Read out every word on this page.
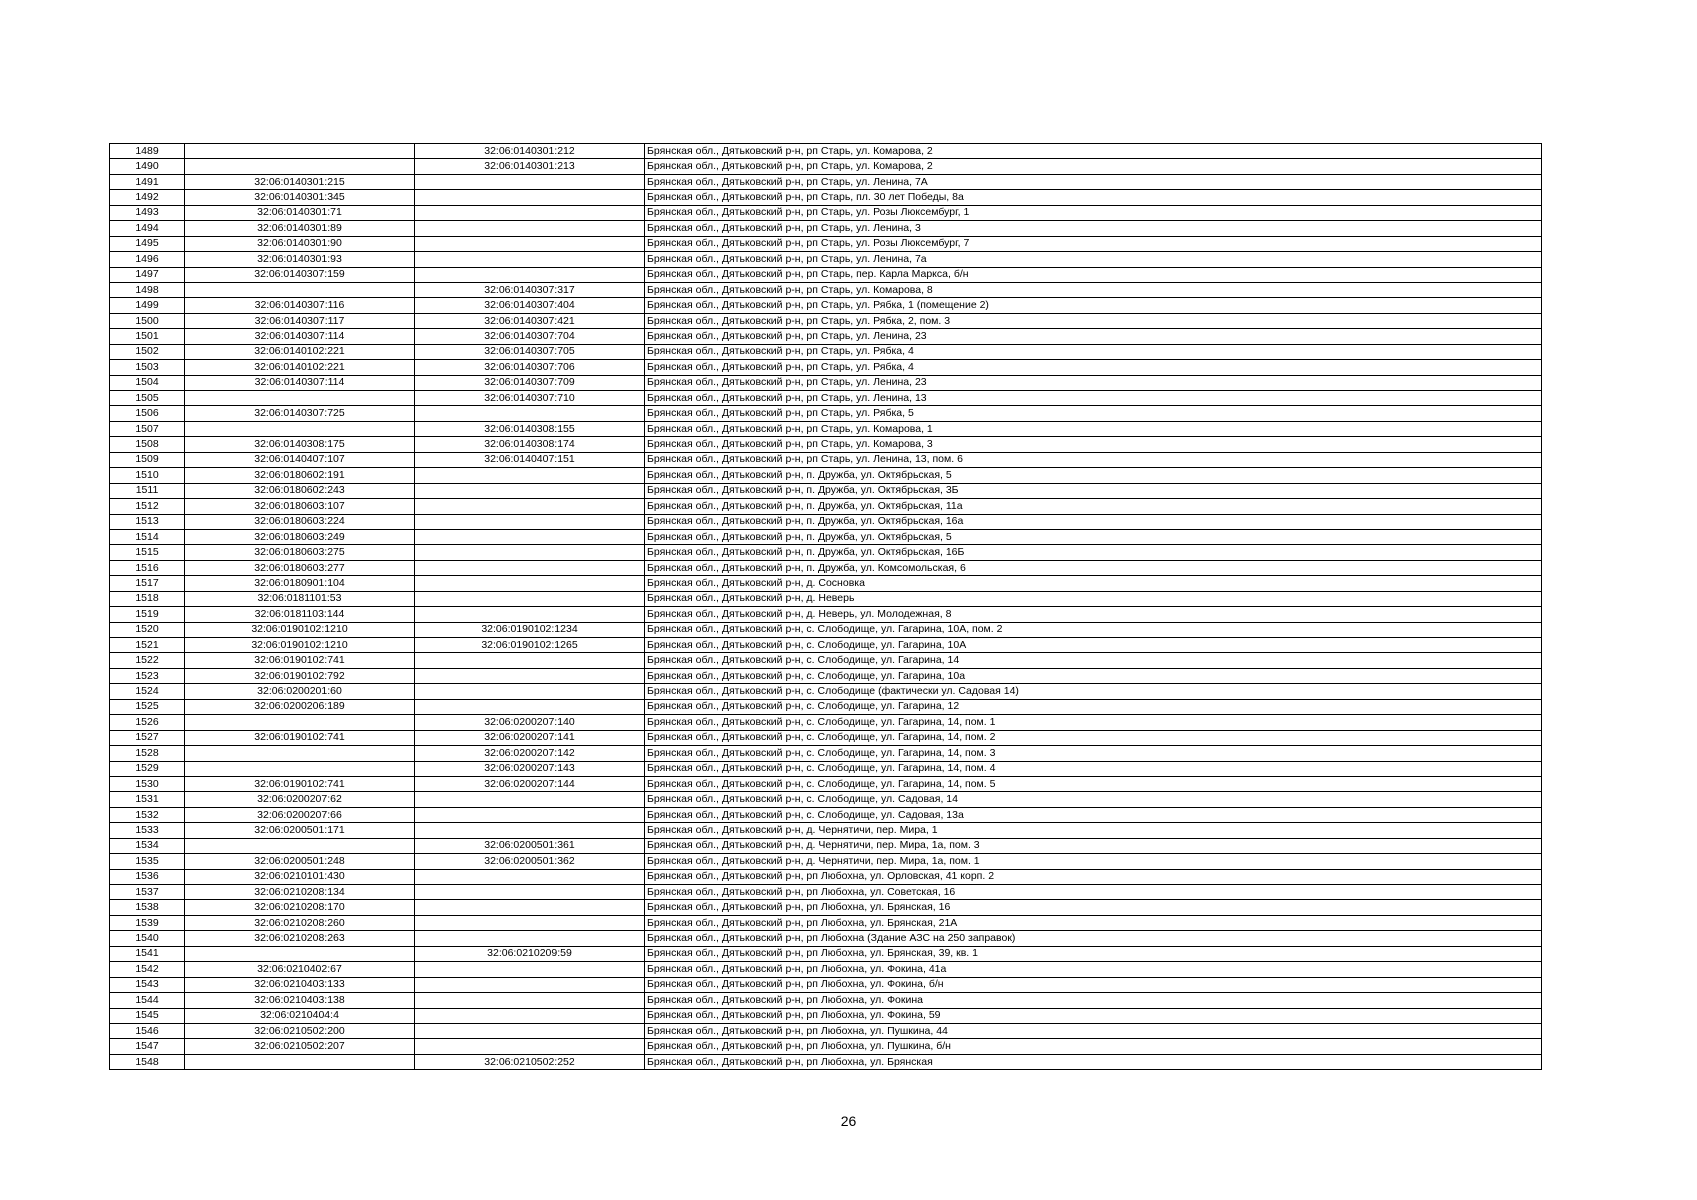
1489		32:06:0140301:212	Брянская обл., Дятьковский р-н, рп Старь, ул. Комарова, 2
1490		32:06:0140301:213	Брянская обл., Дятьковский р-н, рп Старь, ул. Комарова, 2
1491	32:06:0140301:215		Брянская обл., Дятьковский р-н, рп Старь, ул. Ленина, 7А
1492	32:06:0140301:345		Брянская обл., Дятьковский р-н, рп Старь, пл. 30 лет Победы, 8а
1493	32:06:0140301:71		Брянская обл., Дятьковский р-н, рп Старь, ул. Розы Люксембург, 1
1494	32:06:0140301:89		Брянская обл., Дятьковский р-н, рп Старь, ул. Ленина, 3
1495	32:06:0140301:90		Брянская обл., Дятьковский р-н, рп Старь, ул. Розы Люксембург, 7
1496	32:06:0140301:93		Брянская обл., Дятьковский р-н, рп Старь, ул. Ленина, 7а
1497	32:06:0140307:159		Брянская обл., Дятьковский р-н, рп Старь, пер. Карла Маркса, б/н
1498		32:06:0140307:317	Брянская обл., Дятьковский р-н, рп Старь, ул. Комарова, 8
1499	32:06:0140307:116	32:06:0140307:404	Брянская обл., Дятьковский р-н, рп Старь, ул. Рябка, 1 (помещение 2)
1500	32:06:0140307:117	32:06:0140307:421	Брянская обл., Дятьковский р-н, рп Старь, ул. Рябка, 2, пом. 3
1501	32:06:0140307:114	32:06:0140307:704	Брянская обл., Дятьковский р-н, рп Старь, ул. Ленина, 23
1502	32:06:0140102:221	32:06:0140307:705	Брянская обл., Дятьковский р-н, рп Старь, ул. Рябка, 4
1503	32:06:0140102:221	32:06:0140307:706	Брянская обл., Дятьковский р-н, рп Старь, ул. Рябка, 4
1504	32:06:0140307:114	32:06:0140307:709	Брянская обл., Дятьковский р-н, рп Старь, ул. Ленина, 23
1505		32:06:0140307:710	Брянская обл., Дятьковский р-н, рп Старь, ул. Ленина, 13
1506	32:06:0140307:725		Брянская обл., Дятьковский р-н, рп Старь, ул. Рябка, 5
1507		32:06:0140308:155	Брянская обл., Дятьковский р-н, рп Старь, ул. Комарова, 1
1508	32:06:0140308:175	32:06:0140308:174	Брянская обл., Дятьковский р-н, рп Старь, ул. Комарова, 3
1509	32:06:0140407:107	32:06:0140407:151	Брянская обл., Дятьковский р-н, рп Старь, ул. Ленина, 13, пом. 6
1510	32:06:0180602:191		Брянская обл., Дятьковский р-н, п. Дружба, ул. Октябрьская, 5
1511	32:06:0180602:243		Брянская обл., Дятьковский р-н, п. Дружба, ул. Октябрьская, 3Б
1512	32:06:0180603:107		Брянская обл., Дятьковский р-н, п. Дружба, ул. Октябрьская, 11а
1513	32:06:0180603:224		Брянская обл., Дятьковский р-н, п. Дружба, ул. Октябрьская, 16а
1514	32:06:0180603:249		Брянская обл., Дятьковский р-н, п. Дружба, ул. Октябрьская, 5
1515	32:06:0180603:275		Брянская обл., Дятьковский р-н, п. Дружба, ул. Октябрьская, 16Б
1516	32:06:0180603:277		Брянская обл., Дятьковский р-н, п. Дружба, ул. Комсомольская, 6
1517	32:06:0180901:104		Брянская обл., Дятьковский р-н, д. Сосновка
1518	32:06:0181101:53		Брянская обл., Дятьковский р-н, д. Неверь
1519	32:06:0181103:144		Брянская обл., Дятьковский р-н, д. Неверь, ул. Молодежная, 8
1520	32:06:0190102:1210	32:06:0190102:1234	Брянская обл., Дятьковский р-н, с. Слободище, ул. Гагарина, 10А, пом. 2
1521	32:06:0190102:1210	32:06:0190102:1265	Брянская обл., Дятьковский р-н, с. Слободище, ул. Гагарина, 10А
1522	32:06:0190102:741		Брянская обл., Дятьковский р-н, с. Слободище, ул. Гагарина, 14
1523	32:06:0190102:792		Брянская обл., Дятьковский р-н, с. Слободище, ул. Гагарина, 10а
1524	32:06:0200201:60		Брянская обл., Дятьковский р-н, с. Слободище (фактически ул. Садовая 14)
1525	32:06:0200206:189		Брянская обл., Дятьковский р-н, с. Слободище, ул. Гагарина, 12
1526		32:06:0200207:140	Брянская обл., Дятьковский р-н, с. Слободище, ул. Гагарина, 14, пом. 1
1527	32:06:0190102:741	32:06:0200207:141	Брянская обл., Дятьковский р-н, с. Слободище, ул. Гагарина, 14, пом. 2
1528		32:06:0200207:142	Брянская обл., Дятьковский р-н, с. Слободище, ул. Гагарина, 14, пом. 3
1529		32:06:0200207:143	Брянская обл., Дятьковский р-н, с. Слободище, ул. Гагарина, 14, пом. 4
1530	32:06:0190102:741	32:06:0200207:144	Брянская обл., Дятьковский р-н, с. Слободище, ул. Гагарина, 14, пом. 5
1531	32:06:0200207:62		Брянская обл., Дятьковский р-н, с. Слободище, ул. Садовая, 14
1532	32:06:0200207:66		Брянская обл., Дятьковский р-н, с. Слободище, ул. Садовая, 13а
1533	32:06:0200501:171		Брянская обл., Дятьковский р-н, д. Чернятичи, пер. Мира, 1
1534		32:06:0200501:361	Брянская обл., Дятьковский р-н, д. Чернятичи, пер. Мира, 1а, пом. 3
1535	32:06:0200501:248	32:06:0200501:362	Брянская обл., Дятьковский р-н, д. Чернятичи, пер. Мира, 1а, пом. 1
1536	32:06:0210101:430		Брянская обл., Дятьковский р-н, рп Любохна, ул. Орловская, 41 корп. 2
1537	32:06:0210208:134		Брянская обл., Дятьковский р-н, рп Любохна, ул. Советская, 16
1538	32:06:0210208:170		Брянская обл., Дятьковский р-н, рп Любохна, ул. Брянская, 16
1539	32:06:0210208:260		Брянская обл., Дятьковский р-н, рп Любохна, ул. Брянская, 21А
1540	32:06:0210208:263		Брянская обл., Дятьковский р-н, рп Любохна (Здание АЗС на 250 заправок)
1541		32:06:0210209:59	Брянская обл., Дятьковский р-н, рп Любохна, ул. Брянская, 39, кв. 1
1542	32:06:0210402:67		Брянская обл., Дятьковский р-н, рп Любохна, ул. Фокина, 41а
1543	32:06:0210403:133		Брянская обл., Дятьковский р-н, рп Любохна, ул. Фокина, б/н
1544	32:06:0210403:138		Брянская обл., Дятьковский р-н, рп Любохна, ул. Фокина
1545	32:06:0210404:4		Брянская обл., Дятьковский р-н, рп Любохна, ул. Фокина, 59
1546	32:06:0210502:200		Брянская обл., Дятьковский р-н, рп Любохна, ул. Пушкина, 44
1547	32:06:0210502:207		Брянская обл., Дятьковский р-н, рп Любохна, ул. Пушкина, б/н
1548		32:06:0210502:252	Брянская обл., Дятьковский р-н, рп Любохна, ул. Брянская
26
